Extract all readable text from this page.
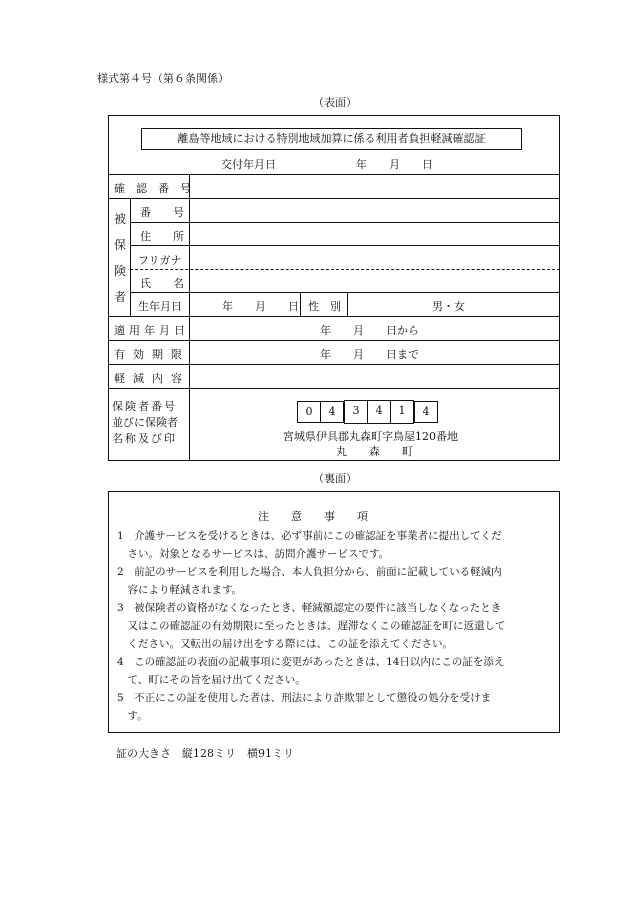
様式第４号（第６条関係）
（表面）
離島等地域における特別地域加算に係る利用者負担軽減確認証
交付年月日	年　　月　　日
確　認　番　号
被
保
険
者
番　　号
住　　所
フリガナ
氏　　名
生年月日	年　　月　　日 性　別	男・女
適用年月日	年　　月　　日から
有効期限	年　　月　　日まで
軽減内容
保険者番号
並びに保険者
名称及び印
0	4	3	4	1	4
宮城県伊具郡丸森町字鳥屋120番地
丸　　森　　町
（裏面）
注　　意　　事　　項
1　介護サービスを受けるときは、必ず事前にこの確認証を事業者に提出してくだ
　さい。対象となるサービスは、訪問介護サービスです。
2　前記のサービスを利用した場合、本人負担分から、前面に記載している軽減内
　容により軽減されます。
3　被保険者の資格がなくなったとき、軽減額認定の要件に該当しなくなったとき
　又はこの確認証の有効期限に至ったときは、遅滞なくこの確認証を町に返還して
　ください。又転出の届け出をする際には、この証を添えてください。
4　この確認証の表面の記載事項に変更があったときは、14日以内にこの証を添え
　て、町にその旨を届け出てください。
5　不正にこの証を使用した者は、刑法により詐欺罪として懲役の処分を受けま
　す。
証の大きさ　縦128ミリ　横91ミリ
